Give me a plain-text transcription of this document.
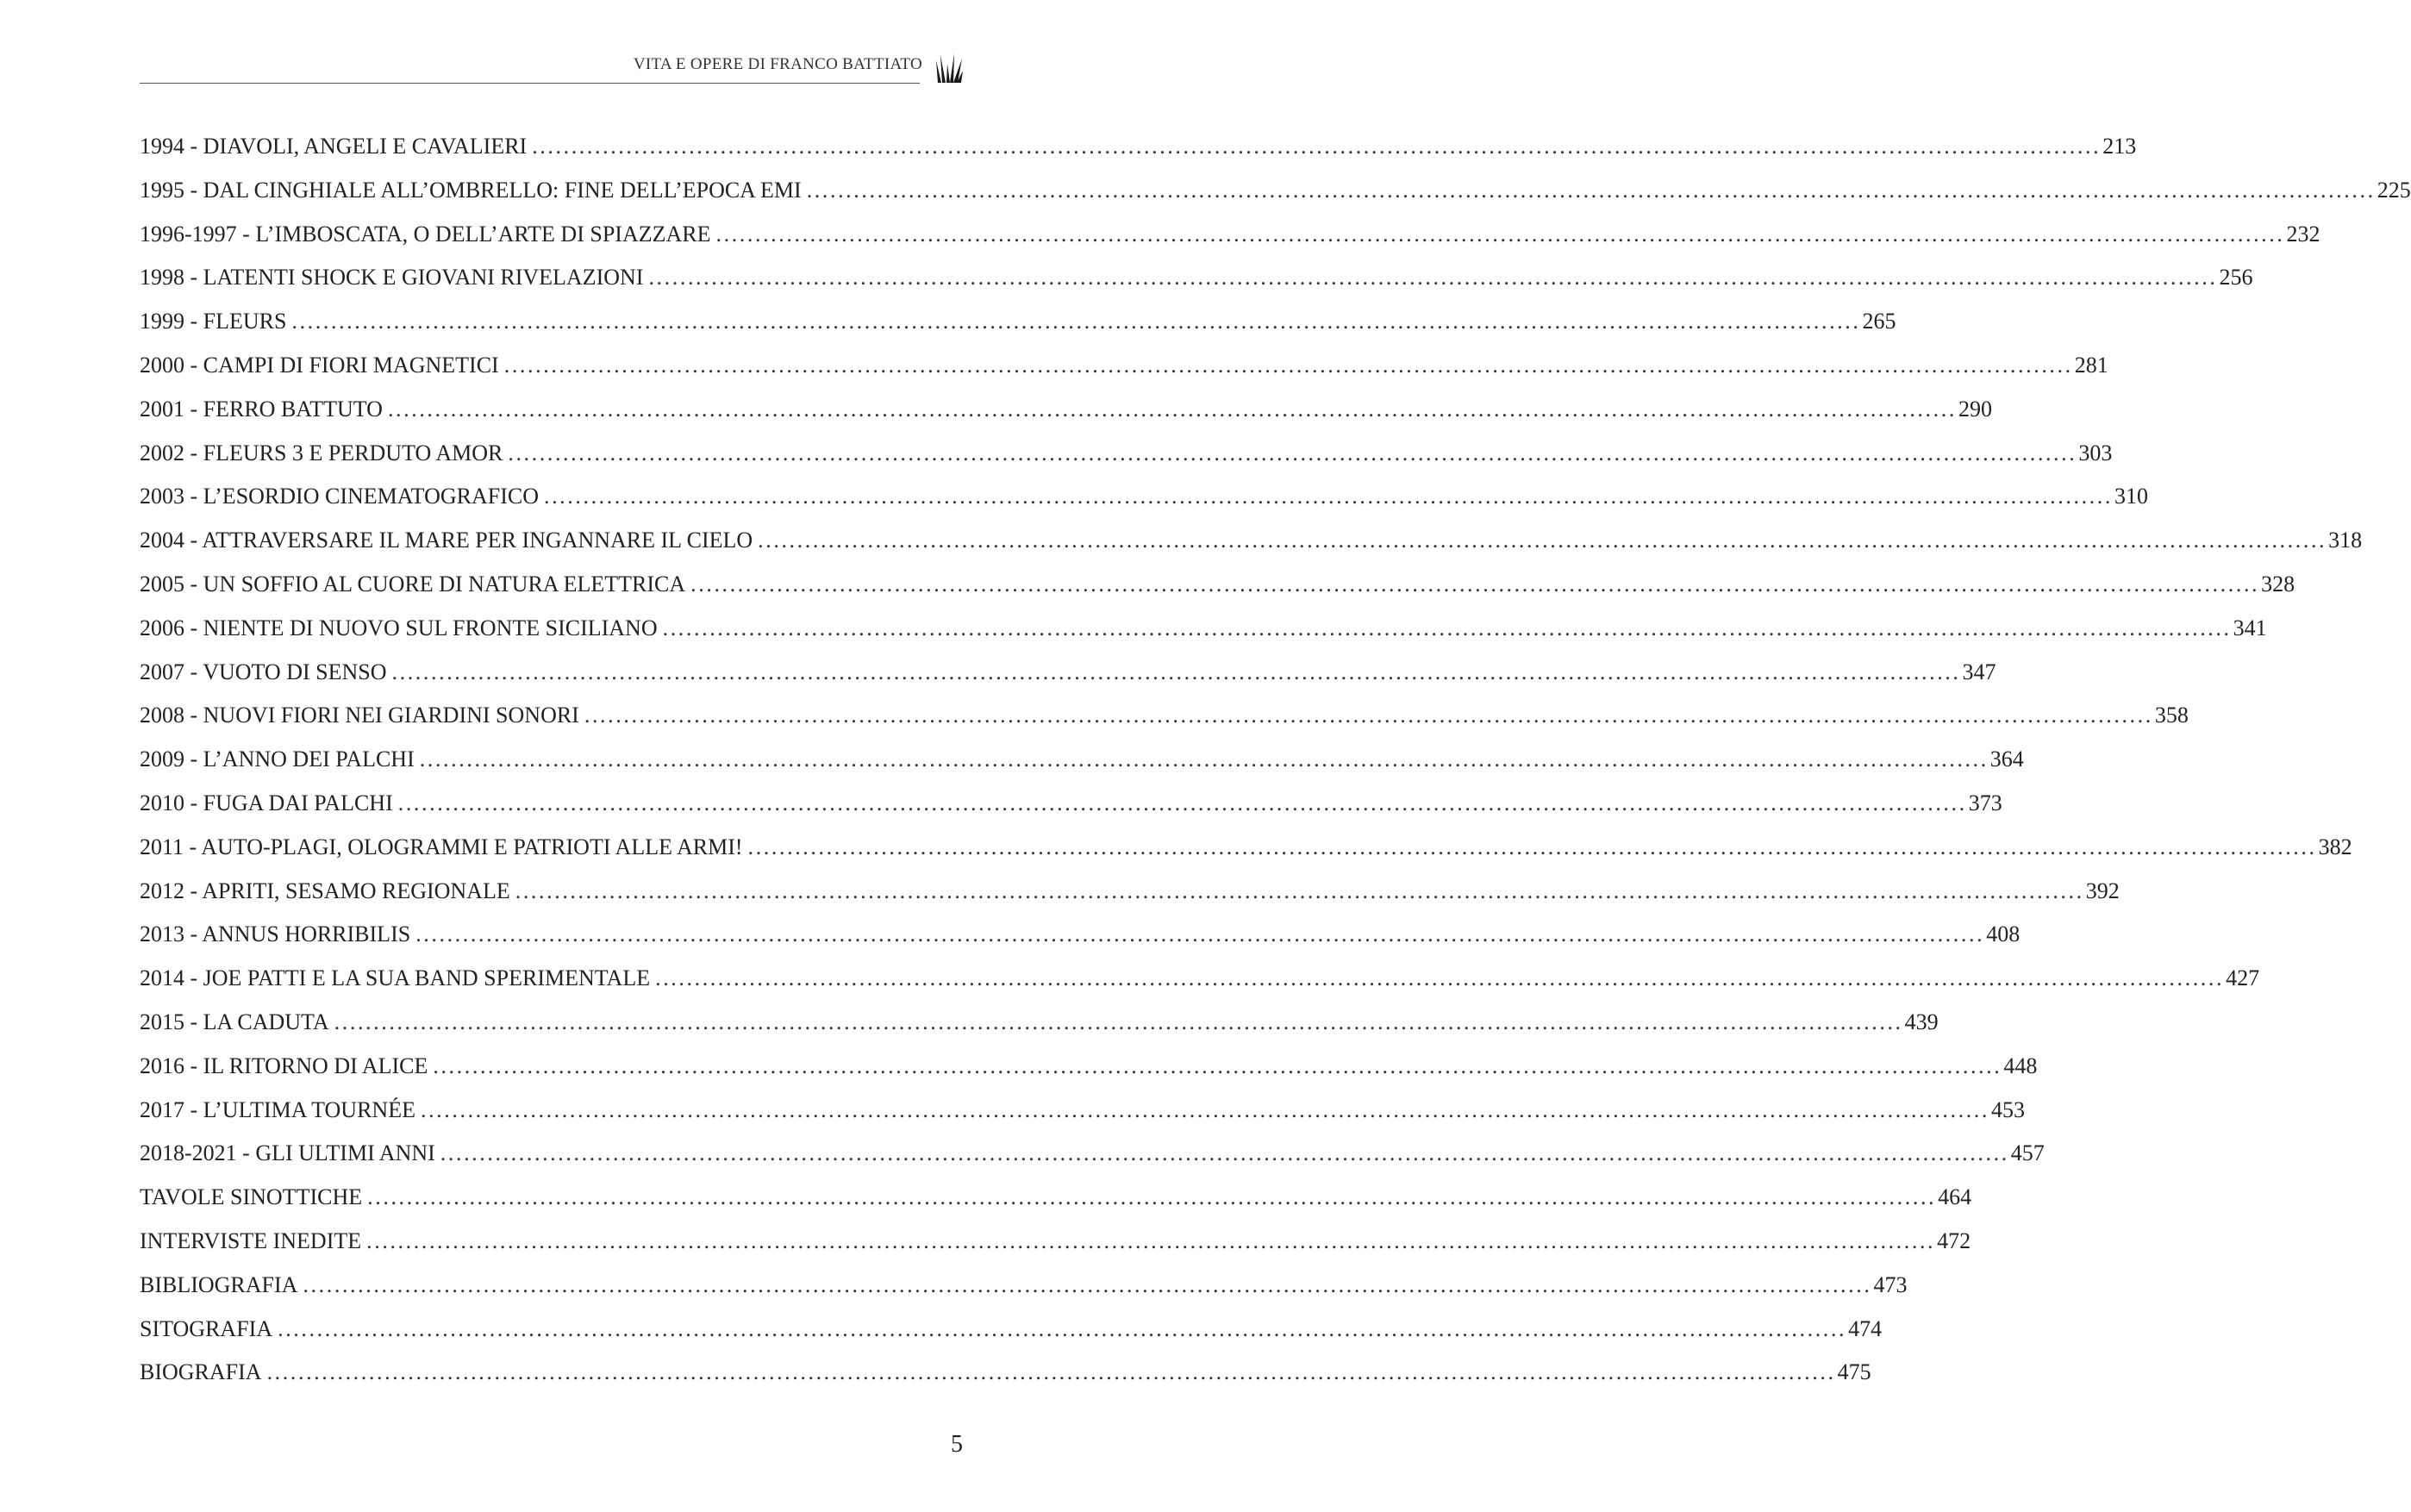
VITA E OPERE DI FRANCO BATTIATO
1994 - DIAVOLI, ANGELI E CAVALIERI ........................................................................................................................................................................................................ 213
1995 - DAL CINGHIALE ALL’OMBRELLO: FINE DELL’EPOCA EMI ........................................................................................................................................................................................................ 225
1996-1997 - L’IMBOSCATA, O DELL’ARTE DI SPIAZZARE ........................................................................................................................................................................................................ 232
1998 - LATENTI SHOCK E GIOVANI RIVELAZIONI ........................................................................................................................................................................................................ 256
1999 - FLEURS ........................................................................................................................................................................................................ 265
2000 - CAMPI DI FIORI MAGNETICI ........................................................................................................................................................................................................ 281
2001 - FERRO BATTUTO ........................................................................................................................................................................................................ 290
2002 - FLEURS 3 E PERDUTO AMOR ........................................................................................................................................................................................................ 303
2003 - L’ESORDIO CINEMATOGRAFICO ........................................................................................................................................................................................................ 310
2004 - ATTRAVERSARE IL MARE PER INGANNARE IL CIELO ........................................................................................................................................................................................................ 318
2005 - UN SOFFIO AL CUORE DI NATURA ELETTRICA ........................................................................................................................................................................................................ 328
2006 - NIENTE DI NUOVO SUL FRONTE SICILIANO ........................................................................................................................................................................................................ 341
2007 - VUOTO DI SENSO ........................................................................................................................................................................................................ 347
2008 - NUOVI FIORI NEI GIARDINI SONORI ........................................................................................................................................................................................................ 358
2009 - L’ANNO DEI PALCHI ........................................................................................................................................................................................................ 364
2010 - FUGA DAI PALCHI ........................................................................................................................................................................................................ 373
2011 - AUTO-PLAGI, OLOGRAMMI E PATRIOTI ALLE ARMI! ........................................................................................................................................................................................................ 382
2012 - APRITI, SESAMO REGIONALE ........................................................................................................................................................................................................ 392
2013 - ANNUS HORRIBILIS ........................................................................................................................................................................................................ 408
2014 - JOE PATTI E LA SUA BAND SPERIMENTALE ........................................................................................................................................................................................................ 427
2015 - LA CADUTA ........................................................................................................................................................................................................ 439
2016 - IL RITORNO DI ALICE ........................................................................................................................................................................................................ 448
2017 - L’ULTIMA TOURNÉE ........................................................................................................................................................................................................ 453
2018-2021 - GLI ULTIMI ANNI ........................................................................................................................................................................................................ 457
TAVOLE SINOTTICHE ........................................................................................................................................................................................................ 464
INTERVISTE INEDITE ........................................................................................................................................................................................................ 472
BIBLIOGRAFIA ........................................................................................................................................................................................................ 473
SITOGRAFIA ........................................................................................................................................................................................................ 474
BIOGRAFIA ........................................................................................................................................................................................................ 475
5
